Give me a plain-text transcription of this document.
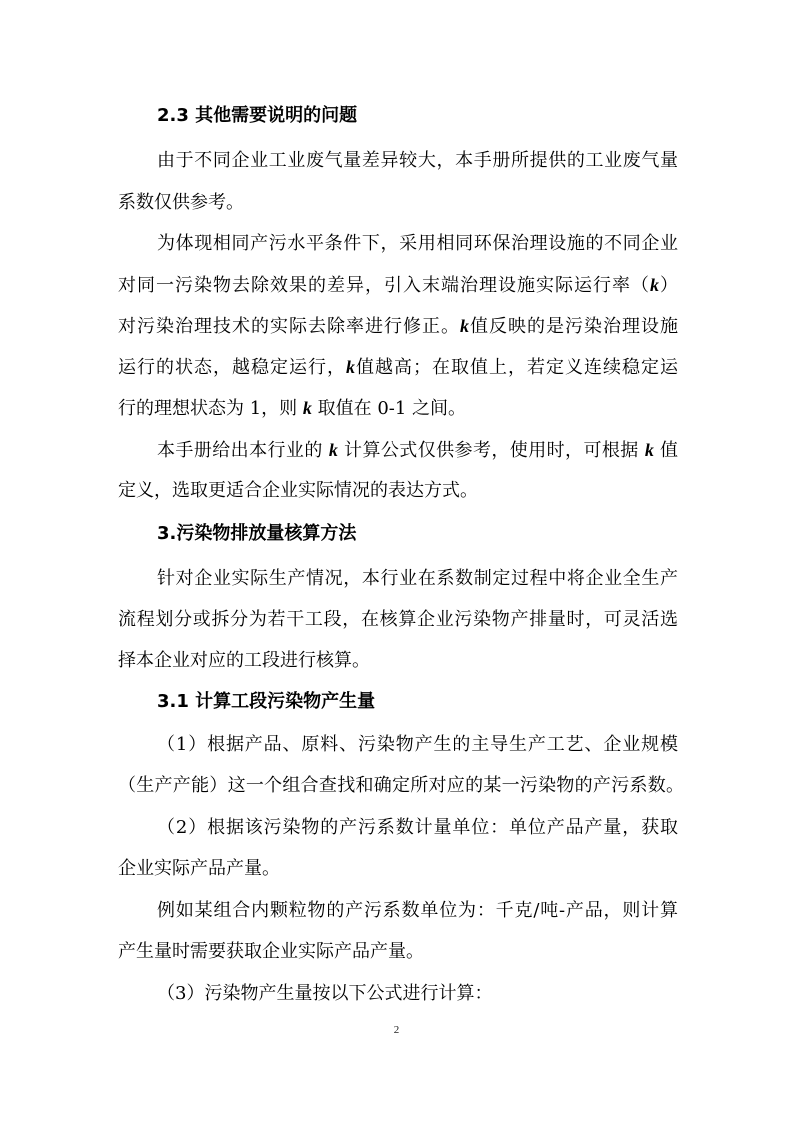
2.3 其他需要说明的问题
由于不同企业工业废气量差异较大，本手册所提供的工业废气量
系数仅供参考。
为体现相同产污水平条件下，采用相同环保治理设施的不同企业
对同一污染物去除效果的差异，引入末端治理设施实际运行率（k）
对污染治理技术的实际去除率进行修正。k值反映的是污染治理设施
运行的状态，越稳定运行，k值越高；在取值上，若定义连续稳定运
行的理想状态为 1，则 k 取值在 0-1 之间。
本手册给出本行业的 k 计算公式仅供参考，使用时，可根据 k 值
定义，选取更适合企业实际情况的表达方式。
3.污染物排放量核算方法
针对企业实际生产情况，本行业在系数制定过程中将企业全生产
流程划分或拆分为若干工段，在核算企业污染物产排量时，可灵活选
择本企业对应的工段进行核算。
3.1 计算工段污染物产生量
（1）根据产品、原料、污染物产生的主导生产工艺、企业规模
（生产产能）这一个组合查找和确定所对应的某一污染物的产污系数。
（2）根据该污染物的产污系数计量单位：单位产品产量，获取
企业实际产品产量。
例如某组合内颗粒物的产污系数单位为：千克/吨-产品，则计算
产生量时需要获取企业实际产品产量。
（3）污染物产生量按以下公式进行计算：
2
